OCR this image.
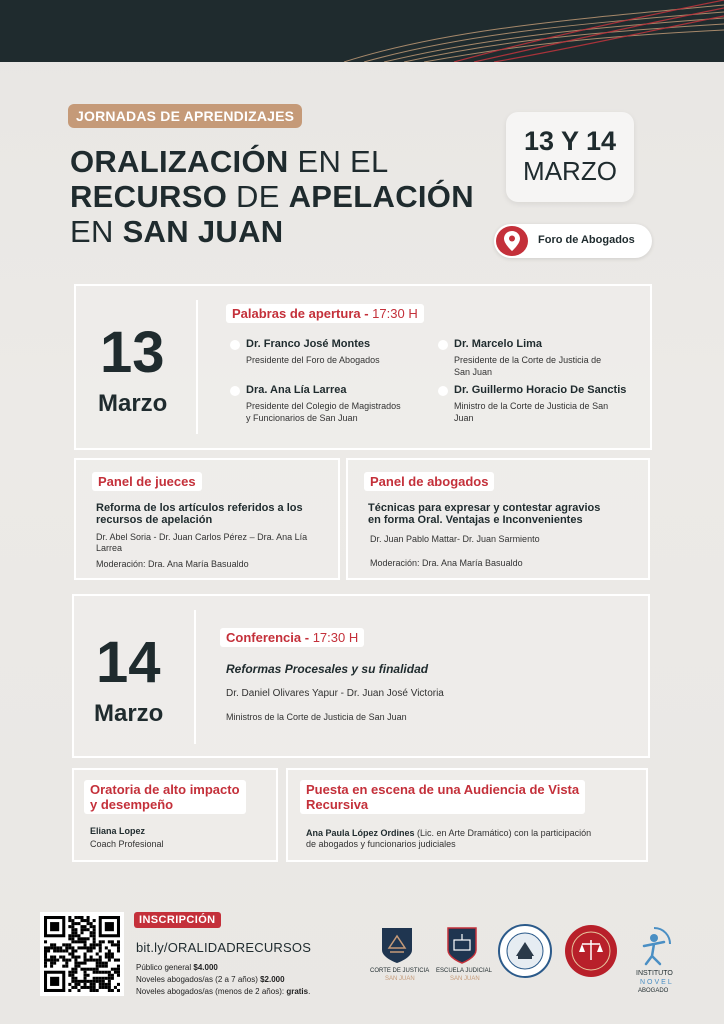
JORNADAS DE APRENDIZAJES
ORALIZACIÓN EN EL
RECURSO DE APELACIÓN
EN SAN JUAN
13 Y 14
MARZO
Foro de Abogados
13
Marzo
Palabras de apertura - 17:30 H
Dr. Franco José Montes
Presidente del Foro de Abogados
Dr. Marcelo Lima
Presidente de la Corte de Justicia de
San Juan
Dra. Ana Lía Larrea
Presidente del Colegio de Magistrados
y Funcionarios de San Juan
Dr. Guillermo Horacio De Sanctis
Ministro de la Corte de Justicia de San
Juan
Panel de jueces
Reforma de los artículos referidos a los
recursos de apelación
Dr. Abel Soria - Dr. Juan Carlos Pérez – Dra. Ana Lía
Larrea
Moderación: Dra. Ana María Basualdo
Panel de abogados
Técnicas para expresar y contestar agravios
en forma Oral. Ventajas e Inconvenientes
Dr. Juan Pablo Mattar- Dr. Juan Sarmiento
Moderación: Dra. Ana María Basualdo
14
Marzo
Conferencia - 17:30 H
Reformas Procesales y su finalidad
Dr. Daniel Olivares Yapur - Dr. Juan José Victoria
Ministros de la Corte de Justicia de San Juan
Oratoria de alto impacto
y desempeño
Eliana Lopez
Coach Profesional
Puesta en escena de una Audiencia de Vista
Recursiva
Ana Paula López Ordines (Lic. en Arte Dramático) con la participación
de abogados y funcionarios judiciales
INSCRIPCIÓN
bit.ly/ORALIDADRECURSOS
Público general $4.000
Noveles abogados/as (2 a 7 años) $2.000
Noveles abogados/as (menos de 2 años): gratis.
CORTE DE JUSTICIA
SAN JUAN
ESCUELA JUDICIAL
SAN JUAN
INSTITUTO
NOVEL
ABOGADO
